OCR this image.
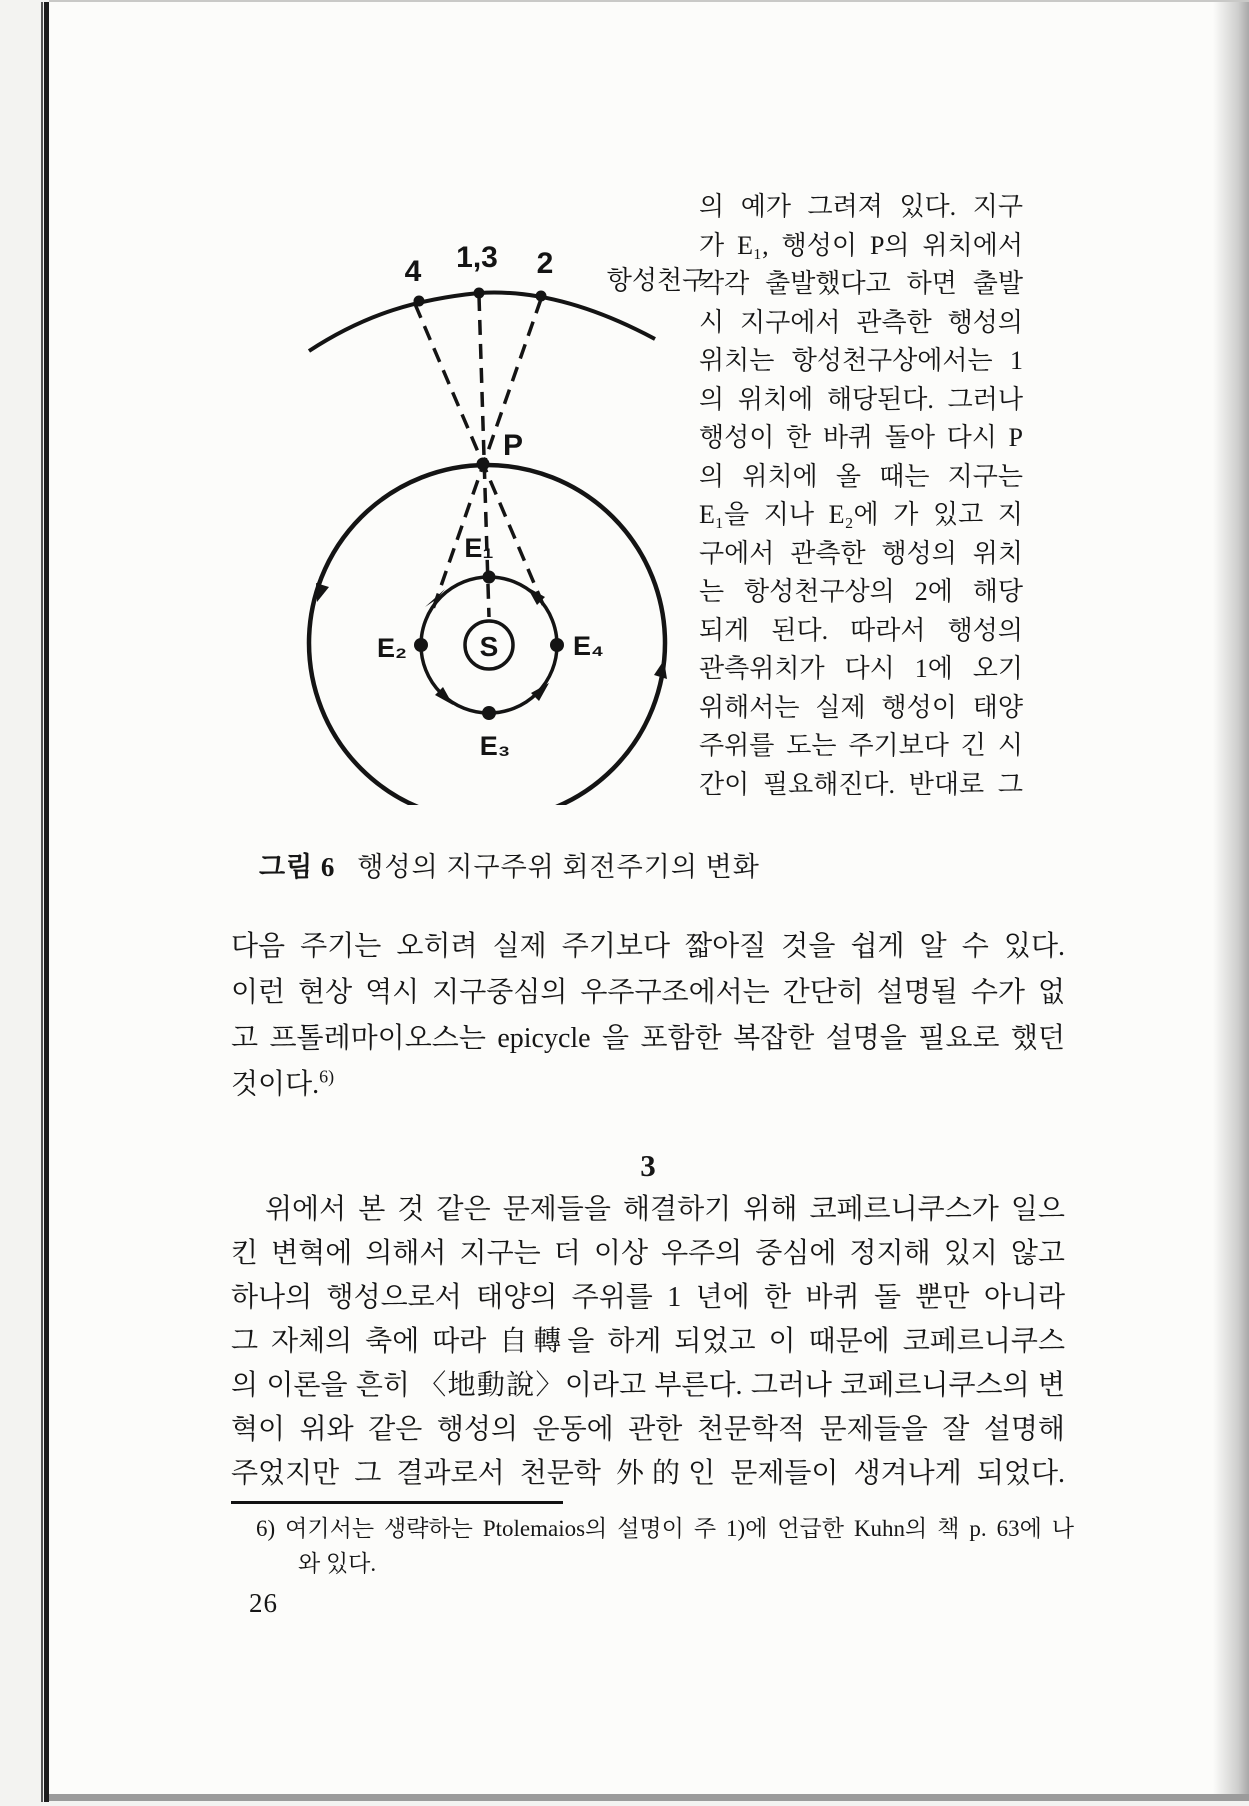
4 1,3 2
항성천구
P
S
E₁
E₂	E₄
E₃
그림 6 행성의 지구주위 회전주기의 변화
의 예가 그려져 있다. 지구
가 E₁, 행성이 P의 위치에서
각각 출발했다고 하면 출발
시 지구에서 관측한 행성의
위치는 항성천구상에서는 1
의 위치에 해당된다. 그러나
행성이 한 바퀴 돌아 다시 P
의 위치에 올 때는 지구는
E₁을 지나 E₂에 가 있고 지
구에서 관측한 행성의 위치
는 항성천구상의 2에 해당
되게 된다. 따라서 행성의
관측위치가 다시 1에 오기
위해서는 실제 행성이 태양
주위를 도는 주기보다 긴 시
간이 필요해진다. 반대로 그
다음 주기는 오히려 실제 주기보다 짧아질 것을 쉽게 알 수 있다.
이런 현상 역시 지구중심의 우주구조에서는 간단히 설명될 수가 없
고 프톨레마이오스는 epicycle 을 포함한 복잡한 설명을 필요로 했던
것이다.$^{6)}$
3
위에서 본 것 같은 문제들을 해결하기 위해 코페르니쿠스가 일으
킨 변혁에 의해서 지구는 더 이상 우주의 중심에 정지해 있지 않고
하나의 행성으로서 태양의 주위를 1 년에 한 바퀴 돌 뿐만 아니라
그 자체의 축에 따라 自轉을 하게 되었고 이 때문에 코페르니쿠스
의 이론을 흔히 〈地動說〉이라고 부른다. 그러나 코페르니쿠스의 변
혁이 위와 같은 행성의 운동에 관한 천문학적 문제들을 잘 설명해
주었지만 그 결과로서 천문학 外的인 문제들이 생겨나게 되었다.
6) 여기서는 생략하는 Ptolemaios의 설명이 주 1)에 언급한 Kuhn의 책 p. 63에 나
와 있다.
26
